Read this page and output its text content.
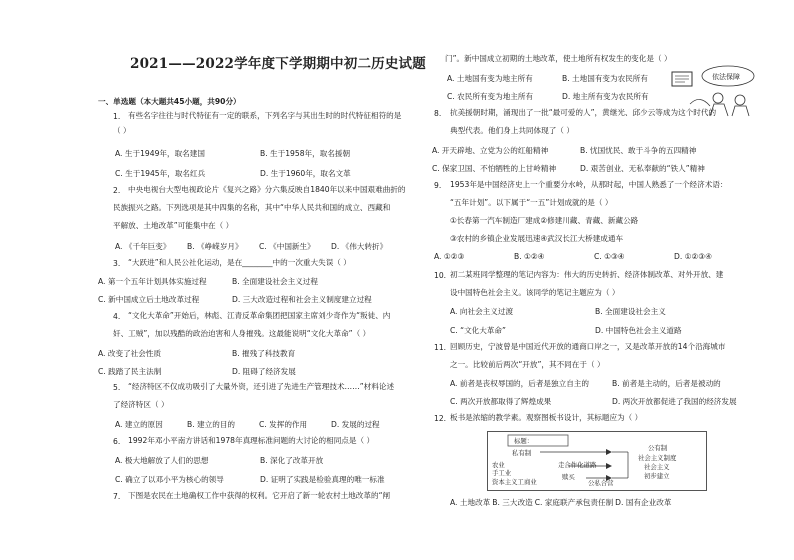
2021——2022学年度下学期期中初二历史试题
一、单选题（本大题共45小题，共90分）
1. 有些名字往往与时代特征有一定的联系，下列名字与其出生时的时代特征相符的是
（ ）
A. 生于1949年，取名建国	B. 生于1958年，取名援朝
C. 生于1945年，取名红兵	D. 生于1960年，取名文革
2. 中央电视台大型电视政论片《复兴之路》分六集反映自1840年以来中国艰难曲折的
民族振兴之路。下列选项是其中四集的名称，其中“中华人民共和国的成立、西藏和
平解放、土地改革”可能集中在（ ）
A. 《千年巨变》 B. 《峥嵘岁月》 C. 《中国新生》 D. 《伟大转折》
3. “大跃进”和人民公社化运动，是在________中的一次重大失误（ ）
A. 第一个五年计划具体实施过程	B. 全面建设社会主义过程
C. 新中国成立后土地改革过程	D. 三大改造过程和社会主义制度建立过程
4. “文化大革命”开始后，林彪、江青反革命集团把国家主席刘少奇作为“叛徒、内
奸、工贼”，加以残酷的政治迫害和人身摧残。这最能说明“文化大革命”（ ）
A. 改变了社会性质	B. 摧残了科技教育
C. 践踏了民主法制	D. 阻碍了经济发展
5. “经济特区不仅成功吸引了大量外资，还引进了先进生产管理技术……”材料论述
了经济特区（ ）
A. 建立的原因	B. 建立的目的	C. 发挥的作用	D. 发展的过程
6. 1992年邓小平南方讲话和1978年真理标准问题的大讨论的相同点是（ ）
A. 极大地解放了人们的思想	B. 深化了改革开放
C. 确立了以邓小平为核心的领导	D. 证明了实践是检验真理的唯一标准
7. 下图是农民在土地确权工作中获得的权利。它开启了新一轮农村土地改革的“闸
门”。新中国成立初期的土地改革，使土地所有权发生的变化是（ ）
A. 土地国有变为地主所有	B. 土地国有变为农民所有
C. 农民所有变为地主所有	D. 地主所有变为农民所有
依法保障
8. 抗美援朝时期，涌现出了一批“最可爱的人”，黄继光、邱少云等成为这个时代的
典型代表。他们身上共同体现了（ ）
A. 开天辟地、立党为公的红船精神	B. 忧国忧民、敢于斗争的五四精神
C. 保家卫国、不怕牺牲的上甘岭精神	D. 艰苦创业、无私奉献的“铁人”精神
9. 1953年是中国经济史上一个重要分水岭，从那时起，中国人熟悉了一个经济术语：
“五年计划”。以下属于“一五”计划成就的是（ ）
①长春第一汽车制造厂建成②修建川藏、青藏、新藏公路
③农村的乡镇企业发展迅速④武汉长江大桥建成通车
A. ①②③	B. ①②④	C. ①③④	D. ①②③④
10. 初二某班同学整理的笔记内容为：伟大的历史转折、经济体制改革、对外开放、建
设中国特色社会主义。该同学的笔记主题应为（ ）
A. 向社会主义过渡	B. 全面建设社会主义
C. “文化大革命”	D. 中国特色社会主义道路
11. 回顾历史，宁波曾是中国近代开放的通商口岸之一，又是改革开放的14个沿海城市
之一。比较前后两次“开放”，其不同在于（ ）
A. 前者是丧权辱国的，后者是独立自主的	B. 前者是主动的，后者是被动的
C. 两次开放都取得了辉煌成果	D. 两次开放都促进了我国的经济发展
12. 板书是浓缩的教学素。观察图板书设计，其标题应为（ ）
标题：
私有制
公有制
农业
手工业
资本主义工商业
走合作化道路
赎买
公私合营
社会主义制度
社会主义
初步建立
A. 土地改革 B. 三大改造 C. 家庭联产承包责任制 D. 国有企业改革
